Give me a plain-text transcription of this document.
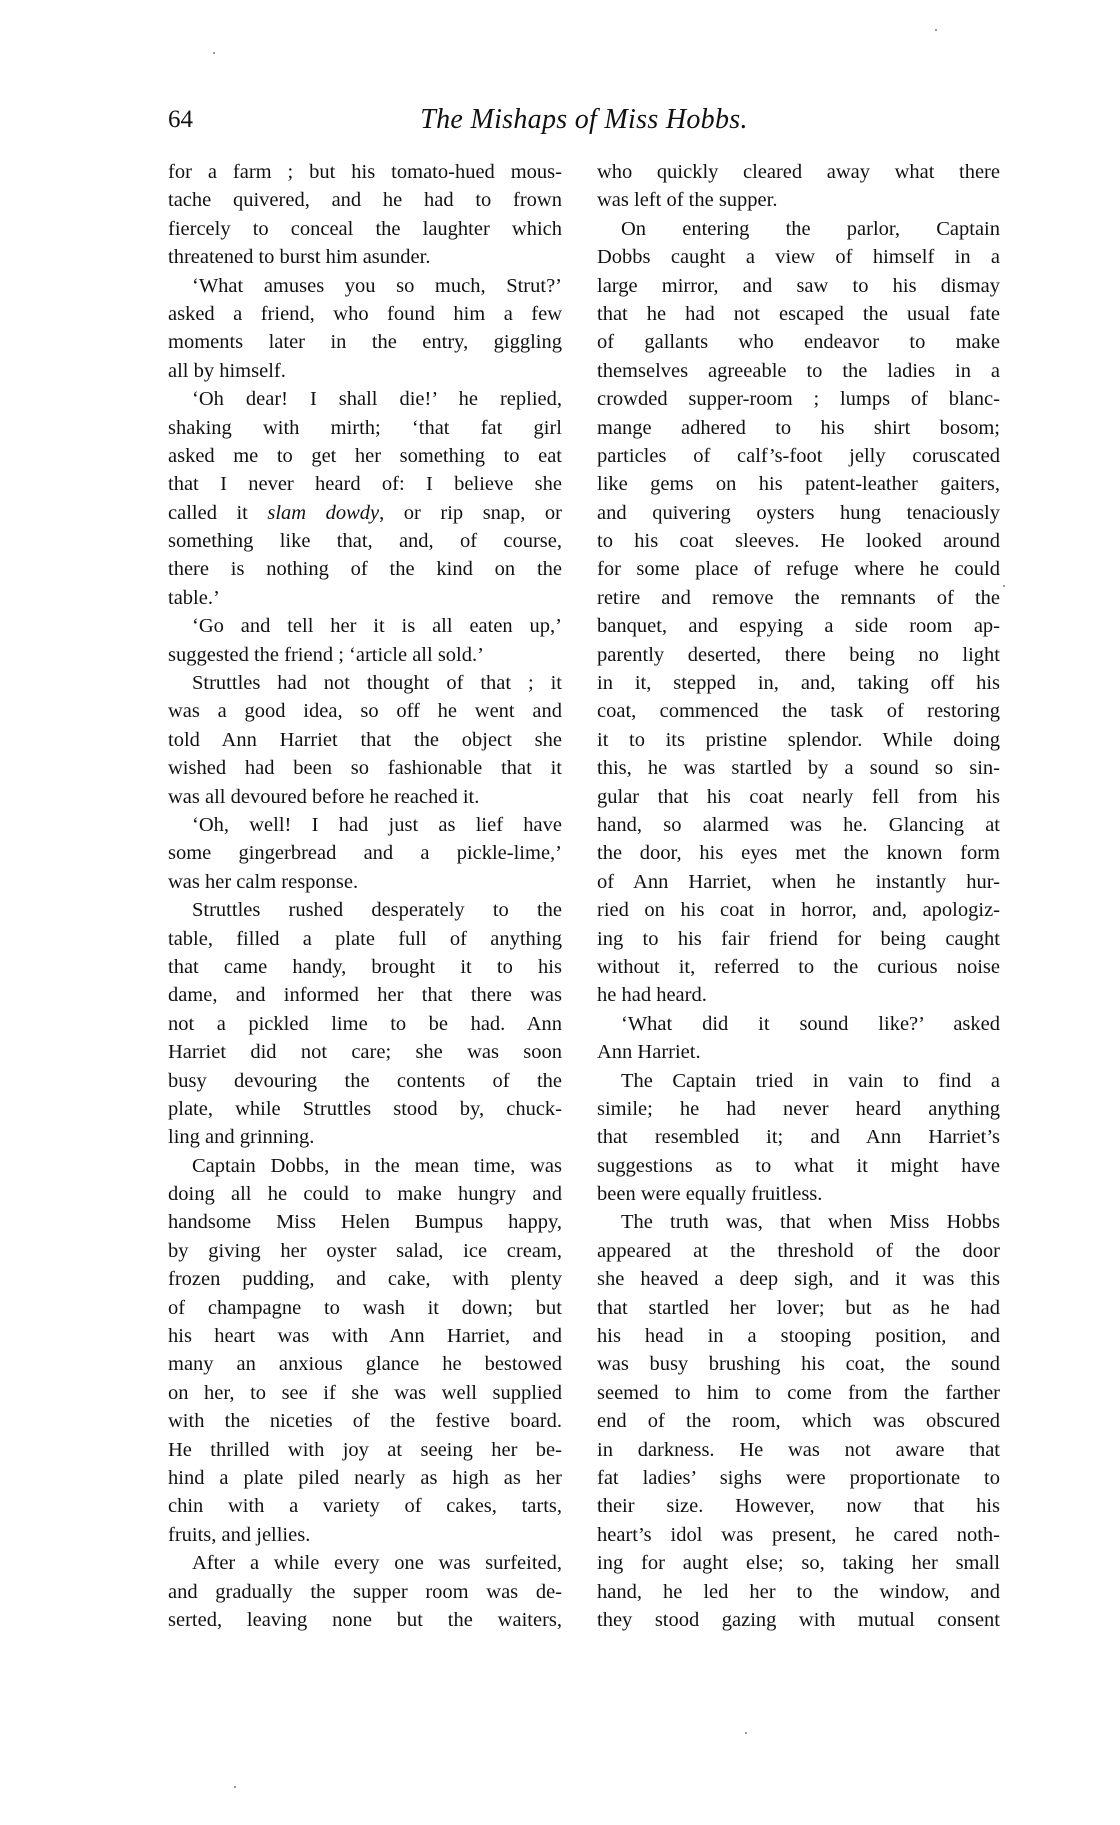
64	The Mishaps of Miss Hobbs.
for a farm ; but his tomato-hued mous-
tache quivered, and he had to frown
fiercely to conceal the laughter which
threatened to burst him asunder.
‘What amuses you so much, Strut?’
asked a friend, who found him a few
moments later in the entry, giggling
all by himself.
‘Oh dear! I shall die!’ he replied,
shaking with mirth; ‘that fat girl
asked me to get her something to eat
that I never heard of: I believe she
called it slam dowdy, or rip snap, or
something like that, and, of course,
there is nothing of the kind on the
table.’
‘Go and tell her it is all eaten up,’
suggested the friend ; ‘article all sold.’
Struttles had not thought of that ; it
was a good idea, so off he went and
told Ann Harriet that the object she
wished had been so fashionable that it
was all devoured before he reached it.
‘Oh, well! I had just as lief have
some gingerbread and a pickle-lime,’
was her calm response.
Struttles rushed desperately to the
table, filled a plate full of anything
that came handy, brought it to his
dame, and informed her that there was
not a pickled lime to be had. Ann
Harriet did not care; she was soon
busy devouring the contents of the
plate, while Struttles stood by, chuck-
ling and grinning.
Captain Dobbs, in the mean time, was
doing all he could to make hungry and
handsome Miss Helen Bumpus happy,
by giving her oyster salad, ice cream,
frozen pudding, and cake, with plenty
of champagne to wash it down; but
his heart was with Ann Harriet, and
many an anxious glance he bestowed
on her, to see if she was well supplied
with the niceties of the festive board.
He thrilled with joy at seeing her be-
hind a plate piled nearly as high as her
chin with a variety of cakes, tarts,
fruits, and jellies.
After a while every one was surfeited,
and gradually the supper room was de-
serted, leaving none but the waiters,
who quickly cleared away what there
was left of the supper.
On entering the parlor, Captain
Dobbs caught a view of himself in a
large mirror, and saw to his dismay
that he had not escaped the usual fate
of gallants who endeavor to make
themselves agreeable to the ladies in a
crowded supper-room ; lumps of blanc-
mange adhered to his shirt bosom;
particles of calf’s-foot jelly coruscated
like gems on his patent-leather gaiters,
and quivering oysters hung tenaciously
to his coat sleeves. He looked around
for some place of refuge where he could
retire and remove the remnants of the
banquet, and espying a side room ap-
parently deserted, there being no light
in it, stepped in, and, taking off his
coat, commenced the task of restoring
it to its pristine splendor. While doing
this, he was startled by a sound so sin-
gular that his coat nearly fell from his
hand, so alarmed was he. Glancing at
the door, his eyes met the known form
of Ann Harriet, when he instantly hur-
ried on his coat in horror, and, apologiz-
ing to his fair friend for being caught
without it, referred to the curious noise
he had heard.
‘What did it sound like?’ asked
Ann Harriet.
The Captain tried in vain to find a
simile; he had never heard anything
that resembled it; and Ann Harriet’s
suggestions as to what it might have
been were equally fruitless.
The truth was, that when Miss Hobbs
appeared at the threshold of the door
she heaved a deep sigh, and it was this
that startled her lover; but as he had
his head in a stooping position, and
was busy brushing his coat, the sound
seemed to him to come from the farther
end of the room, which was obscured
in darkness. He was not aware that
fat ladies’ sighs were proportionate to
their size. However, now that his
heart’s idol was present, he cared noth-
ing for aught else; so, taking her small
hand, he led her to the window, and
they stood gazing with mutual consent
